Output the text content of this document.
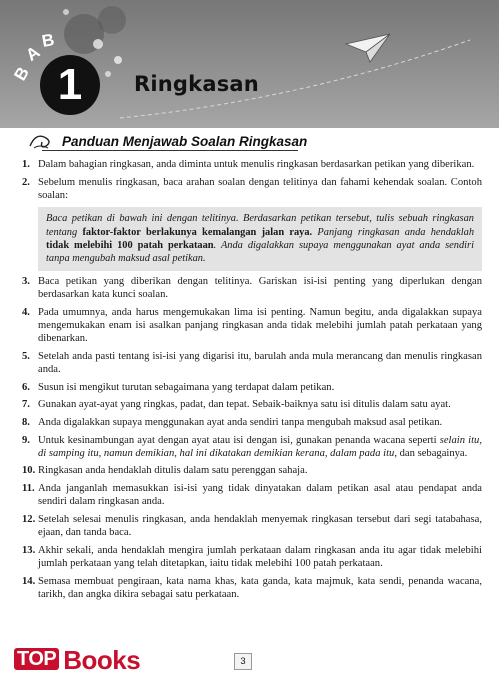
B
A
B
1	Ringkasan
Panduan Menjawab Soalan Ringkasan
1. Dalam bahagian ringkasan, anda diminta untuk menulis ringkasan berdasarkan petikan yang diberikan.
2. Sebelum menulis ringkasan, baca arahan soalan dengan telitinya dan fahami kehendak soalan. Contoh soalan:
Baca petikan di bawah ini dengan telitinya. Berdasarkan petikan tersebut, tulis sebuah ringkasan tentang faktor-faktor berlakunya kemalangan jalan raya. Panjang ringkasan anda hendaklah tidak melebihi 100 patah perkataan. Anda digalakkan supaya menggunakan ayat anda sendiri tanpa mengubah maksud asal petikan.
3. Baca petikan yang diberikan dengan telitinya. Gariskan isi-isi penting yang diperlukan dengan berdasarkan kata kunci soalan.
4. Pada umumnya, anda harus mengemukakan lima isi penting. Namun begitu, anda digalakkan supaya mengemukakan enam isi asalkan panjang ringkasan anda tidak melebihi jumlah patah perkataan yang dibenarkan.
5. Setelah anda pasti tentang isi-isi yang digarisi itu, barulah anda mula merancang dan menulis ringkasan anda.
6. Susun isi mengikut turutan sebagaimana yang terdapat dalam petikan.
7. Gunakan ayat-ayat yang ringkas, padat, dan tepat. Sebaik-baiknya satu isi ditulis dalam satu ayat.
8. Anda digalakkan supaya menggunakan ayat anda sendiri tanpa mengubah maksud asal petikan.
9. Untuk kesinambungan ayat dengan ayat atau isi dengan isi, gunakan penanda wacana seperti selain itu, di samping itu, namun demikian, hal ini dikatakan demikian kerana, dalam pada itu, dan sebagainya.
10. Ringkasan anda hendaklah ditulis dalam satu perenggan sahaja.
11. Anda janganlah memasukkan isi-isi yang tidak dinyatakan dalam petikan asal atau pendapat anda sendiri dalam ringkasan anda.
12. Setelah selesai menulis ringkasan, anda hendaklah menyemak ringkasan tersebut dari segi tatabahasa, ejaan, dan tanda baca.
13. Akhir sekali, anda hendaklah mengira jumlah perkataan dalam ringkasan anda itu agar tidak melebihi jumlah perkataan yang telah ditetapkan, iaitu tidak melebihi 100 patah perkataan.
14. Semasa membuat pengiraan, kata nama khas, kata ganda, kata majmuk, kata sendi, penanda wacana, tarikh, dan angka dikira sebagai satu perkataan.
TOP Books	3
